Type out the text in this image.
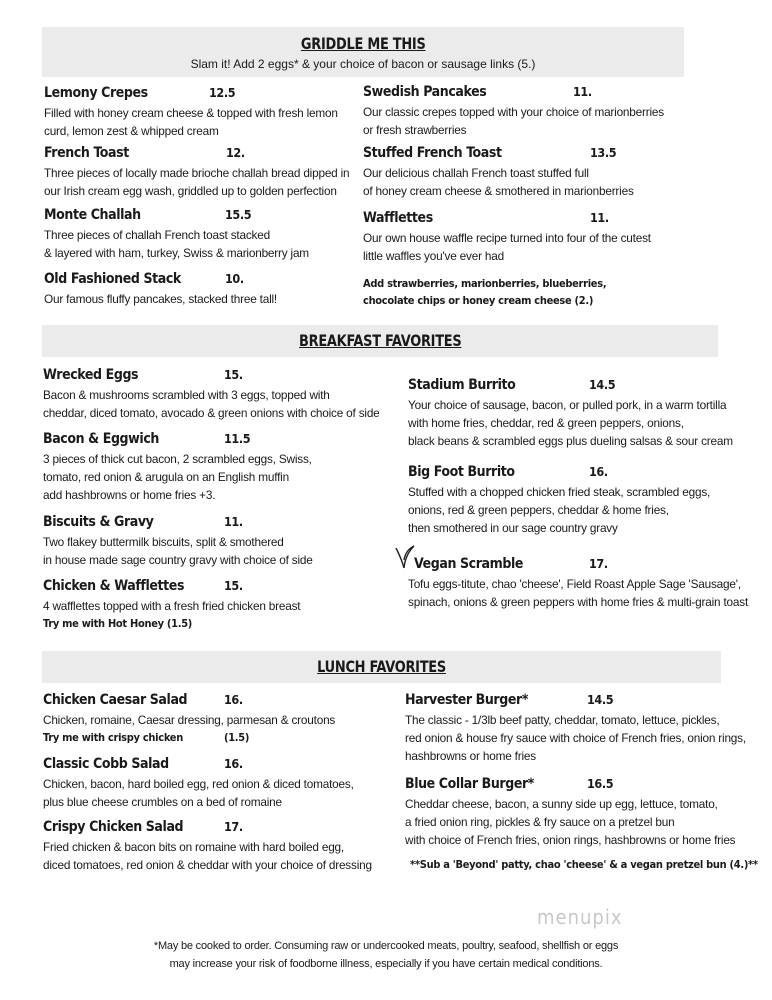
GRIDDLE ME THIS
Slam it! Add 2 eggs* & your choice of bacon or sausage links (5.)
Lemony Crepes	12.5
Filled with honey cream cheese & topped with fresh lemon
curd, lemon zest & whipped cream
French Toast	12.
Three pieces of locally made brioche challah bread dipped in
our Irish cream egg wash, griddled up to golden perfection
Monte Challah	15.5
Three pieces of challah French toast stacked
& layered with ham, turkey, Swiss & marionberry jam
Old Fashioned Stack	10.
Our famous fluffy pancakes, stacked three tall!
Swedish Pancakes	11.
Our classic crepes topped with your choice of marionberries
or fresh strawberries
Stuffed French Toast	13.5
Our delicious challah French toast stuffed full
of honey cream cheese & smothered in marionberries
Wafflettes	11.
Our own house waffle recipe turned into four of the cutest
little waffles you've ever had
Add strawberries, marionberries, blueberries,
chocolate chips or honey cream cheese (2.)
BREAKFAST FAVORITES
Wrecked Eggs	15.
Bacon & mushrooms scrambled with 3 eggs, topped with
cheddar, diced tomato, avocado & green onions with choice of side
Bacon & Eggwich	11.5
3 pieces of thick cut bacon, 2 scrambled eggs, Swiss,
tomato, red onion & arugula on an English muffin
add hashbrowns or home fries +3.
Biscuits & Gravy	11.
Two flakey buttermilk biscuits, split & smothered
in house made sage country gravy with choice of side
Chicken & Wafflettes	15.
4 wafflettes topped with a fresh fried chicken breast
Try me with Hot Honey (1.5)
Stadium Burrito	14.5
Your choice of sausage, bacon, or pulled pork, in a warm tortilla
with home fries, cheddar, red & green peppers, onions,
black beans & scrambled eggs plus dueling salsas & sour cream
Big Foot Burrito	16.
Stuffed with a chopped chicken fried steak, scrambled eggs,
onions, red & green peppers, cheddar & home fries,
then smothered in our sage country gravy
Vegan Scramble	17.
Tofu eggs-titute, chao 'cheese', Field Roast Apple Sage 'Sausage',
spinach, onions & green peppers with home fries & multi-grain toast
LUNCH FAVORITES
Chicken Caesar Salad	16.
Chicken, romaine, Caesar dressing, parmesan & croutons
Try me with crispy chicken	(1.5)
Classic Cobb Salad	16.
Chicken, bacon, hard boiled egg, red onion & diced tomatoes,
plus blue cheese crumbles on a bed of romaine
Crispy Chicken Salad	17.
Fried chicken & bacon bits on romaine with hard boiled egg,
diced tomatoes, red onion & cheddar with your choice of dressing
Harvester Burger*	14.5
The classic - 1/3lb beef patty, cheddar, tomato, lettuce, pickles,
red onion & house fry sauce with choice of French fries, onion rings,
hashbrowns or home fries
Blue Collar Burger*	16.5
Cheddar cheese, bacon, a sunny side up egg, lettuce, tomato,
a fried onion ring, pickles & fry sauce on a pretzel bun
with choice of French fries, onion rings, hashbrowns or home fries
**Sub a 'Beyond' patty, chao 'cheese' & a vegan pretzel bun (4.)**
menupix
*May be cooked to order. Consuming raw or undercooked meats, poultry, seafood, shellfish or eggs
may increase your risk of foodborne illness, especially if you have certain medical conditions.
